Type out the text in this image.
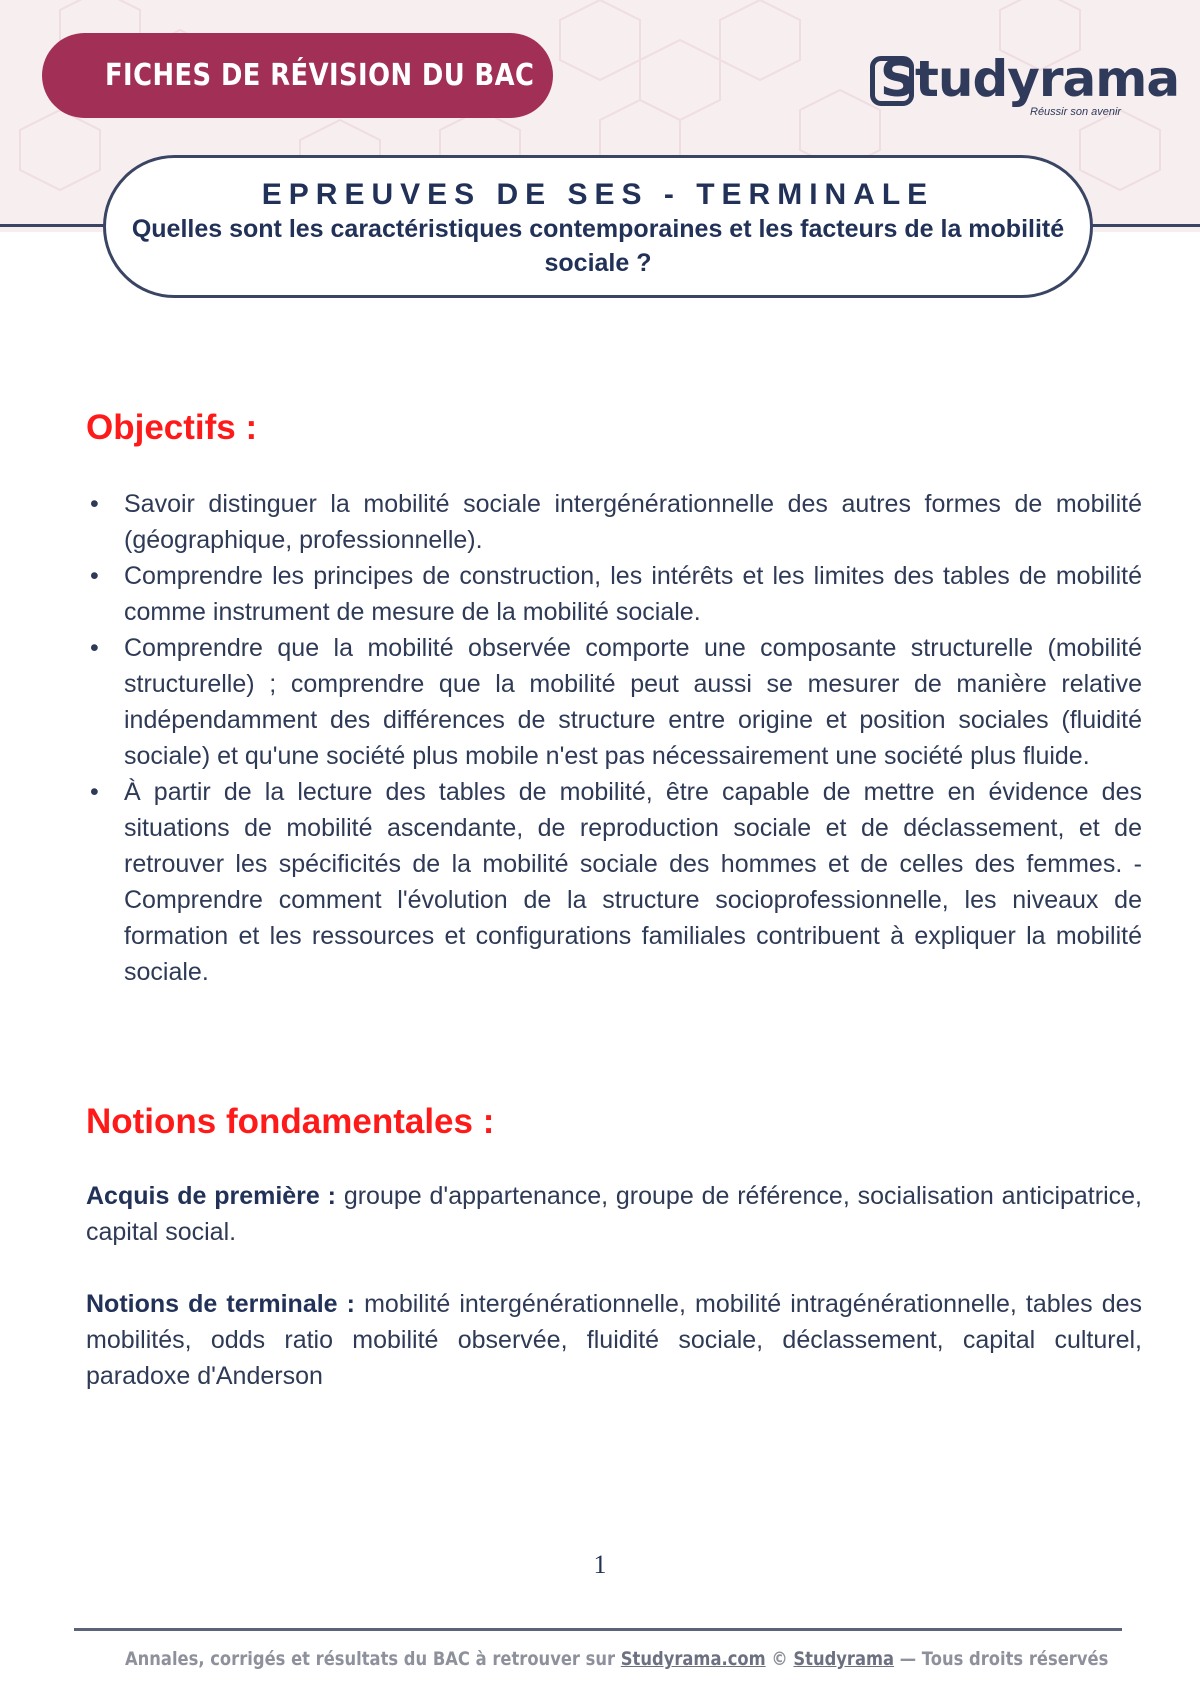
FICHES DE RÉVISION DU BAC	Studyrama
Réussir son avenir
EPREUVES DE SES - TERMINALE
Quelles sont les caractéristiques contemporaines et les facteurs de la mobilité sociale ?
Objectifs :
• Savoir distinguer la mobilité sociale intergénérationnelle des autres formes de mobilité (géographique, professionnelle).
• Comprendre les principes de construction, les intérêts et les limites des tables de mobilité comme instrument de mesure de la mobilité sociale.
• Comprendre que la mobilité observée comporte une composante structurelle (mobilité structurelle) ; comprendre que la mobilité peut aussi se mesurer de manière relative indépendamment des différences de structure entre origine et position sociales (fluidité sociale) et qu'une société plus mobile n'est pas nécessairement une société plus fluide.
• À partir de la lecture des tables de mobilité, être capable de mettre en évidence des situations de mobilité ascendante, de reproduction sociale et de déclassement, et de retrouver les spécificités de la mobilité sociale des hommes et de celles des femmes. - Comprendre comment l'évolution de la structure socioprofessionnelle, les niveaux de formation et les ressources et configurations familiales contribuent à expliquer la mobilité sociale.
Notions fondamentales :

Acquis de première : groupe d'appartenance, groupe de référence, socialisation anticipatrice, capital social.

Notions de terminale : mobilité intergénérationnelle, mobilité intragénérationnelle, tables des mobilités, odds ratio mobilité observée, fluidité sociale, déclassement, capital culturel, paradoxe d'Anderson

1
Annales, corrigés et résultats du BAC à retrouver sur Studyrama.com © Studyrama — Tous droits réservés
